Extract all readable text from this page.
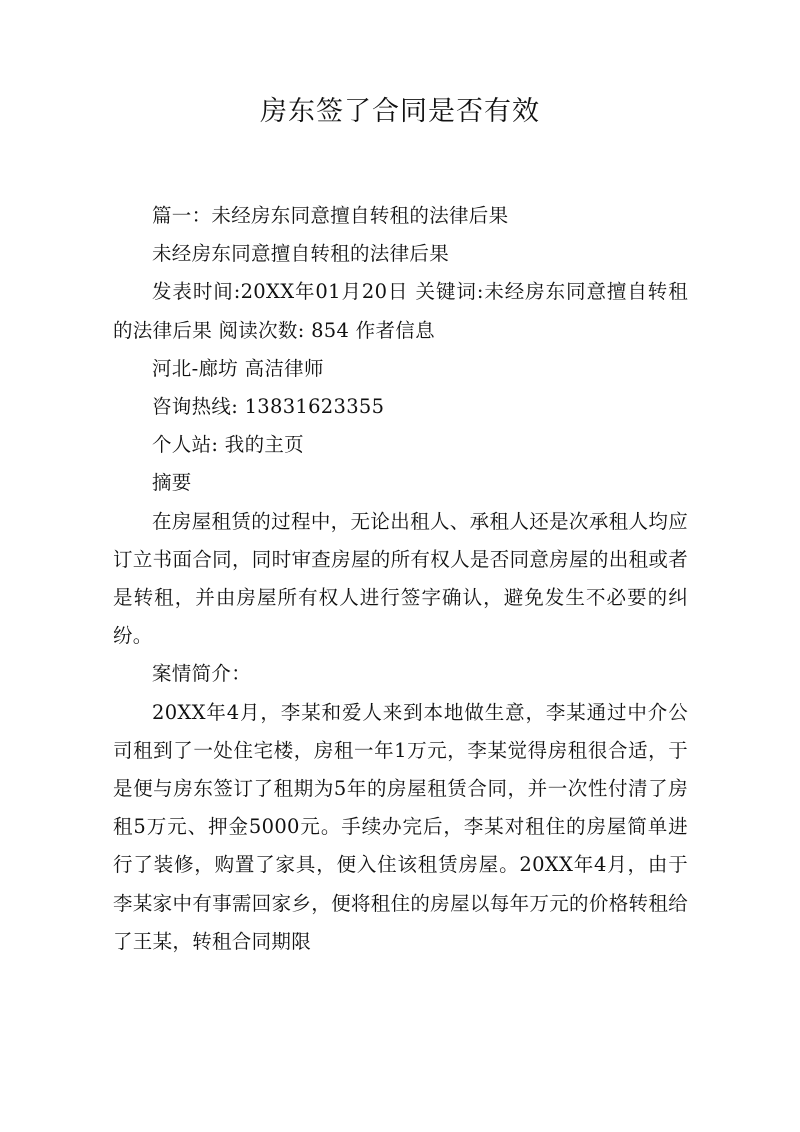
房东签了合同是否有效

篇一：未经房东同意擅自转租的法律后果

未经房东同意擅自转租的法律后果

发表时间:20XX年01月20日 关键词:未经房东同意擅自转租的法律后果 阅读次数: 854 作者信息

河北-廊坊 高洁律师

咨询热线: 13831623355

个人站: 我的主页

摘要

在房屋租赁的过程中，无论出租人、承租人还是次承租人均应订立书面合同，同时审查房屋的所有权人是否同意房屋的出租或者是转租，并由房屋所有权人进行签字确认，避免发生不必要的纠纷。

案情简介：

20XX年4月，李某和爱人来到本地做生意，李某通过中介公司租到了一处住宅楼，房租一年1万元，李某觉得房租很合适，于是便与房东签订了租期为5年的房屋租赁合同，并一次性付清了房租5万元、押金5000元。手续办完后，李某对租住的房屋简单进行了装修，购置了家具，便入住该租赁房屋。20XX年4月，由于李某家中有事需回家乡，便将租住的房屋以每年万元的价格转租给了王某，转租合同期限
